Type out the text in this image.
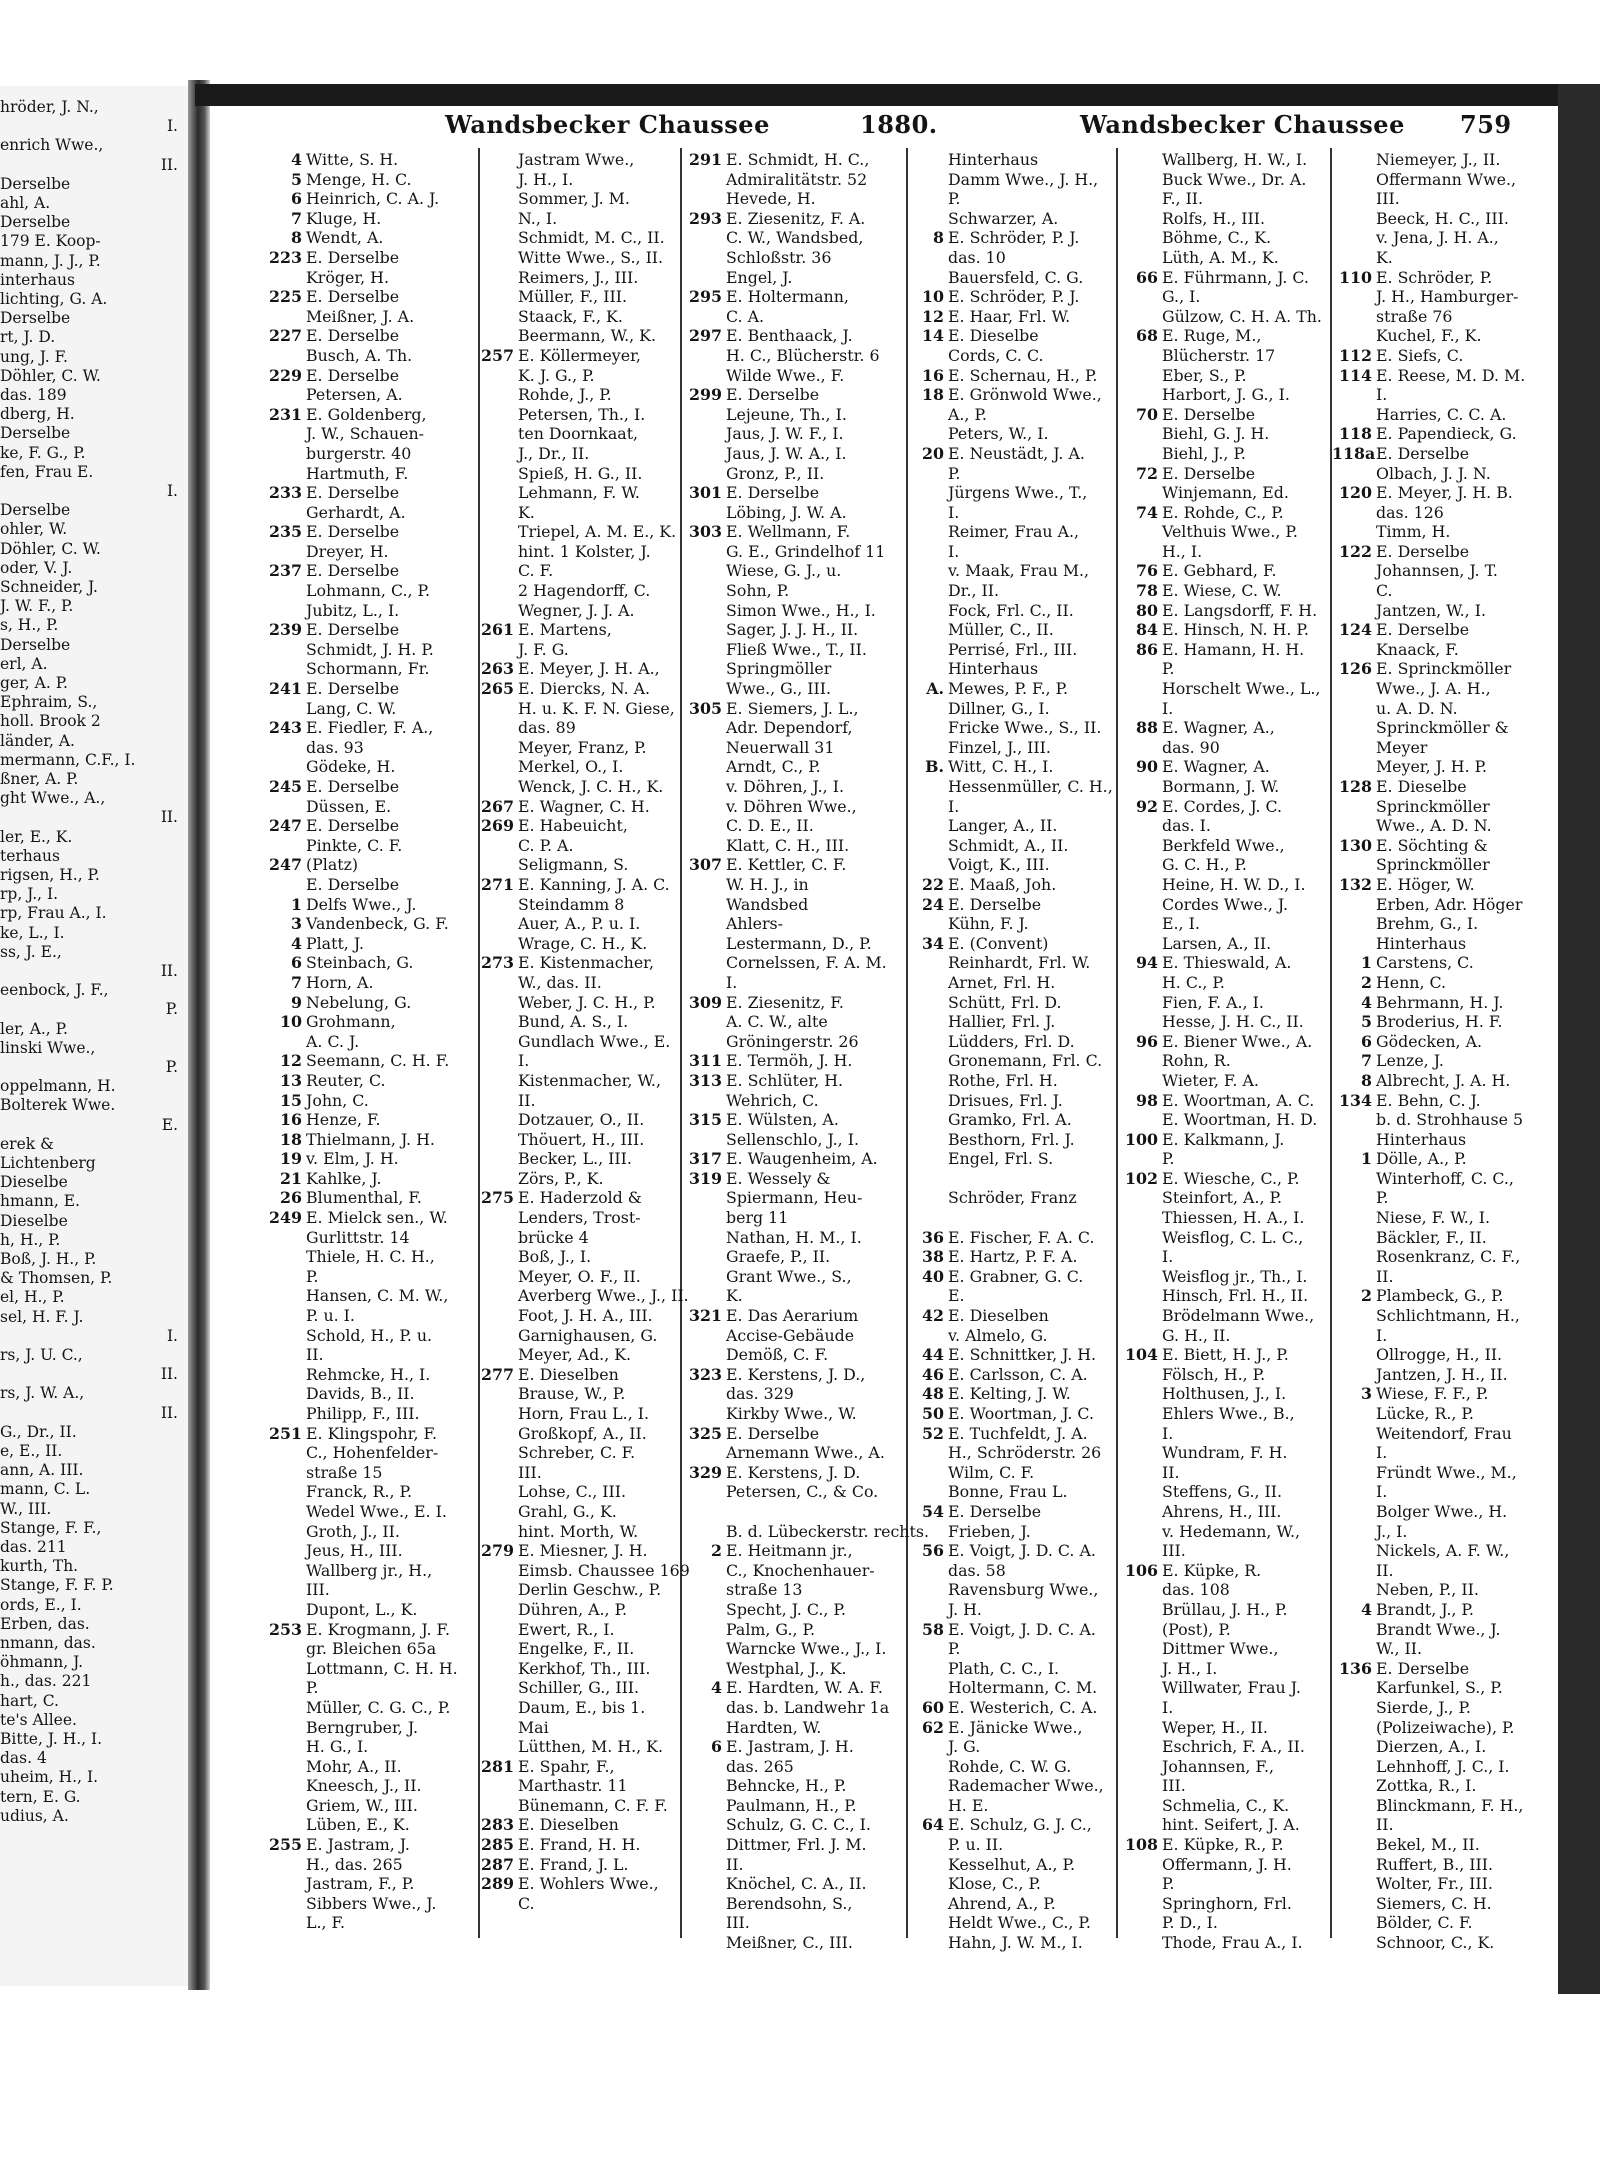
hröder, J. N.,
I.
enrich Wwe.,
II.
Derselbe
ahl, A.
Derselbe
179 E. Koop-
mann, J. J., P.
interhaus
lichting, G. A.
Derselbe
rt, J. D.
ung, J. F.
Döhler, C. W.
das. 189
dberg, H.
Derselbe
ke, F. G., P.
fen, Frau E.
I.
Derselbe
ohler, W.
Döhler, C. W.
oder, V. J.
Schneider, J.
J. W. F., P.
s, H., P.
Derselbe
erl, A.
ger, A. P.
Ephraim, S.,
holl. Brook 2
länder, A.
mermann, C.F., I.
ßner, A. P.
ght Wwe., A.,
II.
ler, E., K.
terhaus
rigsen, H., P.
rp, J., I.
rp, Frau A., I.
ke, L., I.
ss, J. E.,
II.
eenbock, J. F.,
P.
ler, A., P.
linski Wwe.,
P.
oppelmann, H.
Bolterek Wwe.
E.
erek &
Lichtenberg
Dieselbe
hmann, E.
Dieselbe
h, H., P.
Boß, J. H., P.
& Thomsen, P.
el, H., P.
sel, H. F. J.
I.
rs, J. U. C.,
II.
rs, J. W. A.,
II.
G., Dr., II.
e, E., II.
ann, A. III.
mann, C. L.
W., III.
Stange, F. F.,
das. 211
kurth, Th.
Stange, F. F. P.
ords, E., I.
Erben, das.
nmann, das.
öhmann, J.
h., das. 221
hart, C.
te's Allee.
Bitte, J. H., I.
das. 4
uheim, H., I.
tern, E. G.
udius, A.
Wandsbecker Chaussee	1880.	Wandsbecker Chaussee 759
4 Witte, S. H.
5 Menge, H. C.
6 Heinrich, C. A. J.
7 Kluge, H.
8 Wendt, A.
223 E. Derselbe
Kröger, H.
225 E. Derselbe
Meißner, J. A.
227 E. Derselbe
Busch, A. Th.
229 E. Derselbe
Petersen, A.
231 E. Goldenberg,
J. W., Schauen-
burgerstr. 40
Hartmuth, F.
233 E. Derselbe
Gerhardt, A.
235 E. Derselbe
Dreyer, H.
237 E. Derselbe
Lohmann, C., P.
Jubitz, L., I.
239 E. Derselbe
Schmidt, J. H. P.
Schormann, Fr.
241 E. Derselbe
Lang, C. W.
243 E. Fiedler, F. A.,
das. 93
Gödeke, H.
245 E. Derselbe
Düssen, E.
247 E. Derselbe
Pinkte, C. F.
247 (Platz)
E. Derselbe
1 Delfs Wwe., J.
3 Vandenbeck, G. F.
4 Platt, J.
6 Steinbach, G.
7 Horn, A.
9 Nebelung, G.
10 Grohmann,
A. C. J.
12 Seemann, C. H. F.
13 Reuter, C.
15 John, C.
16 Henze, F.
18 Thielmann, J. H.
19 v. Elm, J. H.
21 Kahlke, J.
26 Blumenthal, F.
249 E. Mielck sen., W.
Gurlittstr. 14
Thiele, H. C. H.,
P.
Hansen, C. M. W.,
P. u. I.
Schold, H., P. u.
II.
Rehmcke, H., I.
Davids, B., II.
Philipp, F., III.
251 E. Klingspohr, F.
C., Hohenfelder-
straße 15
Franck, R., P.
Wedel Wwe., E. I.
Groth, J., II.
Jeus, H., III.
Wallberg jr., H.,
III.
Dupont, L., K.
253 E. Krogmann, J. F.
gr. Bleichen 65a
Lottmann, C. H. H.
P.
Müller, C. G. C., P.
Berngruber, J.
H. G., I.
Mohr, A., II.
Kneesch, J., II.
Griem, W., III.
Lüben, E., K.
255 E. Jastram, J.
H., das. 265
Jastram, F., P.
Sibbers Wwe., J.
L., F.
Jastram Wwe.,
J. H., I.
Sommer, J. M.
N., I.
Schmidt, M. C., II.
Witte Wwe., S., II.
Reimers, J., III.
Müller, F., III.
Staack, F., K.
Beermann, W., K.
257 E. Köllermeyer,
K. J. G., P.
Rohde, J., P.
Petersen, Th., I.
ten Doornkaat,
J., Dr., II.
Spieß, H. G., II.
Lehmann, F. W.
K.
Triepel, A. M. E., K.
hint. 1 Kolster, J.
C. F.
2 Hagendorff, C.
Wegner, J. J. A.
261 E. Martens,
J. F. G.
263 E. Meyer, J. H. A.,
265 E. Diercks, N. A.
H. u. K. F. N. Giese,
das. 89
Meyer, Franz, P.
Merkel, O., I.
Wenck, J. C. H., K.
267 E. Wagner, C. H.
269 E. Habeuicht,
C. P. A.
Seligmann, S.
271 E. Kanning, J. A. C.
Steindamm 8
Auer, A., P. u. I.
Wrage, C. H., K.
273 E. Kistenmacher,
W., das. II.
Weber, J. C. H., P.
Bund, A. S., I.
Gundlach Wwe., E.
I.
Kistenmacher, W.,
II.
Dotzauer, O., II.
Thöuert, H., III.
Becker, L., III.
Zörs, P., K.
275 E. Haderzold &
Lenders, Trost-
brücke 4
Boß, J., I.
Meyer, O. F., II.
Averberg Wwe., J., II.
Foot, J. H. A., III.
Garnighausen, G.
Meyer, Ad., K.
277 E. Dieselben
Brause, W., P.
Horn, Frau L., I.
Großkopf, A., II.
Schreber, C. F.
III.
Lohse, C., III.
Grahl, G., K.
hint. Morth, W.
279 E. Miesner, J. H.
Eimsb. Chaussee 169
Derlin Geschw., P.
Dühren, A., P.
Ewert, R., I.
Engelke, F., II.
Kerkhof, Th., III.
Schiller, G., III.
Daum, E., bis 1.
Mai
Lütthen, M. H., K.
281 E. Spahr, F.,
Marthastr. 11
Bünemann, C. F. F.
283 E. Dieselben
285 E. Frand, H. H.
287 E. Frand, J. L.
289 E. Wohlers Wwe.,
C.
291 E. Schmidt, H. C.,
Admiralitätstr. 52
Hevede, H.
293 E. Ziesenitz, F. A.
C. W., Wandsbed,
Schloßstr. 36
Engel, J.
295 E. Holtermann,
C. A.
297 E. Benthaack, J.
H. C., Blücherstr. 6
Wilde Wwe., F.
299 E. Derselbe
Lejeune, Th., I.
Jaus, J. W. F., I.
Jaus, J. W. A., I.
Gronz, P., II.
301 E. Derselbe
Löbing, J. W. A.
303 E. Wellmann, F.
G. E., Grindelhof 11
Wiese, G. J., u.
Sohn, P.
Simon Wwe., H., I.
Sager, J. J. H., II.
Fließ Wwe., T., II.
Springmöller
Wwe., G., III.
305 E. Siemers, J. L.,
Adr. Dependorf,
Neuerwall 31
Arndt, C., P.
v. Döhren, J., I.
v. Döhren Wwe.,
C. D. E., II.
Klatt, C. H., III.
307 E. Kettler, C. F.
W. H. J., in
Wandsbed
Ahlers-
Lestermann, D., P.
Cornelssen, F. A. M.
I.
309 E. Ziesenitz, F.
A. C. W., alte
Gröningerstr. 26
311 E. Termöh, J. H.
313 E. Schlüter, H.
Wehrich, C.
315 E. Wülsten, A.
Sellenschlo, J., I.
317 E. Waugenheim, A.
319 E. Wessely &
Spiermann, Heu-
berg 11
Nathan, H. M., I.
Graefe, P., II.
Grant Wwe., S.,
K.
321 E. Das Aerarium
Accise-Gebäude
Demöß, C. F.
323 E. Kerstens, J. D.,
das. 329
Kirkby Wwe., W.
325 E. Derselbe
Arnemann Wwe., A.
329 E. Kerstens, J. D.
Petersen, C., & Co.
B. d. Lübeckerstr. rechts.
2 E. Heitmann jr.,
C., Knochenhauer-
straße 13
Specht, J. C., P.
Palm, G., P.
Warncke Wwe., J., I.
Westphal, J., K.
4 E. Hardten, W. A. F.
das. b. Landwehr 1a
Hardten, W.
6 E. Jastram, J. H.
das. 265
Behncke, H., P.
Paulmann, H., P.
Schulz, G. C. C., I.
Dittmer, Frl. J. M.
II.
Knöchel, C. A., II.
Berendsohn, S.,
III.
Meißner, C., III.
Hinterhaus
Damm Wwe., J. H.,
P.
Schwarzer, A.
8 E. Schröder, P. J.
das. 10
Bauersfeld, C. G.
10 E. Schröder, P. J.
12 E. Haar, Frl. W.
14 E. Dieselbe
Cords, C. C.
16 E. Schernau, H., P.
18 E. Grönwold Wwe.,
A., P.
Peters, W., I.
20 E. Neustädt, J. A.
P.
Jürgens Wwe., T.,
I.
Reimer, Frau A.,
I.
v. Maak, Frau M.,
Dr., II.
Fock, Frl. C., II.
Müller, C., II.
Perrisé, Frl., III.
Hinterhaus
A. Mewes, P. F., P.
Dillner, G., I.
Fricke Wwe., S., II.
Finzel, J., III.
B. Witt, C. H., I.
Hessenmüller, C. H.,
I.
Langer, A., II.
Schmidt, A., II.
Voigt, K., III.
22 E. Maaß, Joh.
24 E. Derselbe
Kühn, F. J.
34 E. (Convent)
Reinhardt, Frl. W.
Arnet, Frl. H.
Schütt, Frl. D.
Hallier, Frl. J.
Lüdders, Frl. D.
Gronemann, Frl. C.
Rothe, Frl. H.
Drisues, Frl. J.
Gramko, Frl. A.
Besthorn, Frl. J.
Engel, Frl. S.
Schröder, Franz
36 E. Fischer, F. A. C.
38 E. Hartz, P. F. A.
40 E. Grabner, G. C.
E.
42 E. Dieselben
v. Almelo, G.
44 E. Schnittker, J. H.
46 E. Carlsson, C. A.
48 E. Kelting, J. W.
50 E. Woortman, J. C.
52 E. Tuchfeldt, J. A.
H., Schröderstr. 26
Wilm, C. F.
Bonne, Frau L.
54 E. Derselbe
Frieben, J.
56 E. Voigt, J. D. C. A.
das. 58
Ravensburg Wwe.,
J. H.
58 E. Voigt, J. D. C. A.
P.
Plath, C. C., I.
Holtermann, C. M.
60 E. Westerich, C. A.
62 E. Jänicke Wwe.,
J. G.
Rohde, C. W. G.
Rademacher Wwe.,
H. E.
64 E. Schulz, G. J. C.,
P. u. II.
Kesselhut, A., P.
Klose, C., P.
Ahrend, A., P.
Heldt Wwe., C., P.
Hahn, J. W. M., I.
Wallberg, H. W., I.
Buck Wwe., Dr. A.
F., II.
Rolfs, H., III.
Böhme, C., K.
Lüth, A. M., K.
66 E. Führmann, J. C.
G., I.
Gülzow, C. H. A. Th.
68 E. Ruge, M.,
Blücherstr. 17
Eber, S., P.
Harbort, J. G., I.
70 E. Derselbe
Biehl, G. J. H.
Biehl, J., P.
72 E. Derselbe
Winjemann, Ed.
74 E. Rohde, C., P.
Velthuis Wwe., P.
H., I.
76 E. Gebhard, F.
78 E. Wiese, C. W.
80 E. Langsdorff, F. H.
84 E. Hinsch, N. H. P.
86 E. Hamann, H. H.
P.
Horschelt Wwe., L.,
I.
88 E. Wagner, A.,
das. 90
90 E. Wagner, A.
Bormann, J. W.
92 E. Cordes, J. C.
das. I.
Berkfeld Wwe.,
G. C. H., P.
Heine, H. W. D., I.
Cordes Wwe., J.
E., I.
Larsen, A., II.
94 E. Thieswald, A.
H. C., P.
Fien, F. A., I.
Hesse, J. H. C., II.
96 E. Biener Wwe., A.
Rohn, R.
Wieter, F. A.
98 E. Woortman, A. C.
E. Woortman, H. D.
100 E. Kalkmann, J.
P.
102 E. Wiesche, C., P.
Steinfort, A., P.
Thiessen, H. A., I.
Weisflog, C. L. C.,
I.
Weisflog jr., Th., I.
Hinsch, Frl. H., II.
Brödelmann Wwe.,
G. H., II.
104 E. Biett, H. J., P.
Fölsch, H., P.
Holthusen, J., I.
Ehlers Wwe., B.,
I.
Wundram, F. H.
II.
Steffens, G., II.
Ahrens, H., III.
v. Hedemann, W.,
III.
106 E. Küpke, R.
das. 108
Brüllau, J. H., P.
(Post), P.
Dittmer Wwe.,
J. H., I.
Willwater, Frau J.
I.
Weper, H., II.
Eschrich, F. A., II.
Johannsen, F.,
III.
Schmelia, C., K.
hint. Seifert, J. A.
108 E. Küpke, R., P.
Offermann, J. H.
P.
Springhorn, Frl.
P. D., I.
Thode, Frau A., I.
Niemeyer, J., II.
Offermann Wwe.,
III.
Beeck, H. C., III.
v. Jena, J. H. A.,
K.
110 E. Schröder, P.
J. H., Hamburger-
straße 76
Kuchel, F., K.
112 E. Siefs, C.
114 E. Reese, M. D. M.
I.
Harries, C. C. A.
118 E. Papendieck, G.
118a E. Derselbe
Olbach, J. J. N.
120 E. Meyer, J. H. B.
das. 126
Timm, H.
122 E. Derselbe
Johannsen, J. T.
C.
Jantzen, W., I.
124 E. Derselbe
Knaack, F.
126 E. Sprinckmöller
Wwe., J. A. H.,
u. A. D. N.
Sprinckmöller &
Meyer
Meyer, J. H. P.
128 E. Dieselbe
Sprinckmöller
Wwe., A. D. N.
130 E. Söchting &
Sprinckmöller
132 E. Höger, W.
Erben, Adr. Höger
Brehm, G., I.
Hinterhaus
1 Carstens, C.
2 Henn, C.
4 Behrmann, H. J.
5 Broderius, H. F.
6 Gödecken, A.
7 Lenze, J.
8 Albrecht, J. A. H.
134 E. Behn, C. J.
b. d. Strohhause 5
Hinterhaus
1 Dölle, A., P.
Winterhoff, C. C.,
P.
Niese, F. W., I.
Bäckler, F., II.
Rosenkranz, C. F.,
II.
2 Plambeck, G., P.
Schlichtmann, H.,
I.
Ollrogge, H., II.
Jantzen, J. H., II.
3 Wiese, F. F., P.
Lücke, R., P.
Weitendorf, Frau
I.
Fründt Wwe., M.,
I.
Bolger Wwe., H.
J., I.
Nickels, A. F. W.,
II.
Neben, P., II.
4 Brandt, J., P.
Brandt Wwe., J.
W., II.
136 E. Derselbe
Karfunkel, S., P.
Sierde, J., P.
(Polizeiwache), P.
Dierzen, A., I.
Lehnhoff, J. C., I.
Zottka, R., I.
Blinckmann, F. H.,
II.
Bekel, M., II.
Ruffert, B., III.
Wolter, Fr., III.
Siemers, C. H.
Bölder, C. F.
Schnoor, C., K.
